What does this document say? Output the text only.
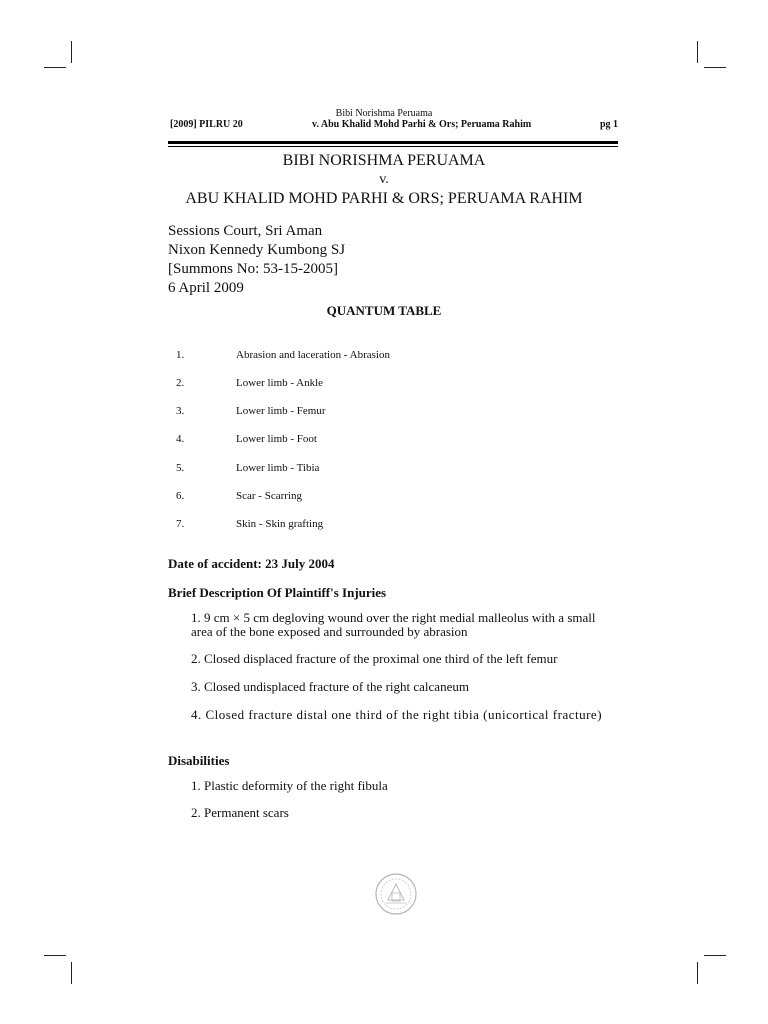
Bibi Norishma Peruama
[2009] PILRU 20	v. Abu Khalid Mohd Parhi & Ors; Peruama Rahim	pg 1
BIBI NORISHMA PERUAMA
v.
ABU KHALID MOHD PARHI & ORS; PERUAMA RAHIM
Sessions Court, Sri Aman
Nixon Kennedy Kumbong SJ
[Summons No: 53-15-2005]
6 April 2009
QUANTUM TABLE
1.	Abrasion and laceration - Abrasion
2.	Lower limb - Ankle
3.	Lower limb - Femur
4.	Lower limb - Foot
5.	Lower limb - Tibia
6.	Scar - Scarring
7.	Skin - Skin grafting
Date of accident: 23 July 2004
Brief Description Of Plaintiff's Injuries
1. 9 cm × 5 cm degloving wound over the right medial malleolus with a small area of the bone exposed and surrounded by abrasion
2. Closed displaced fracture of the proximal one third of the left femur
3. Closed undisplaced fracture of the right calcaneum
4. Closed fracture distal one third of the right tibia (unicortical fracture)
Disabilities
1. Plastic deformity of the right fibula
2. Permanent scars
